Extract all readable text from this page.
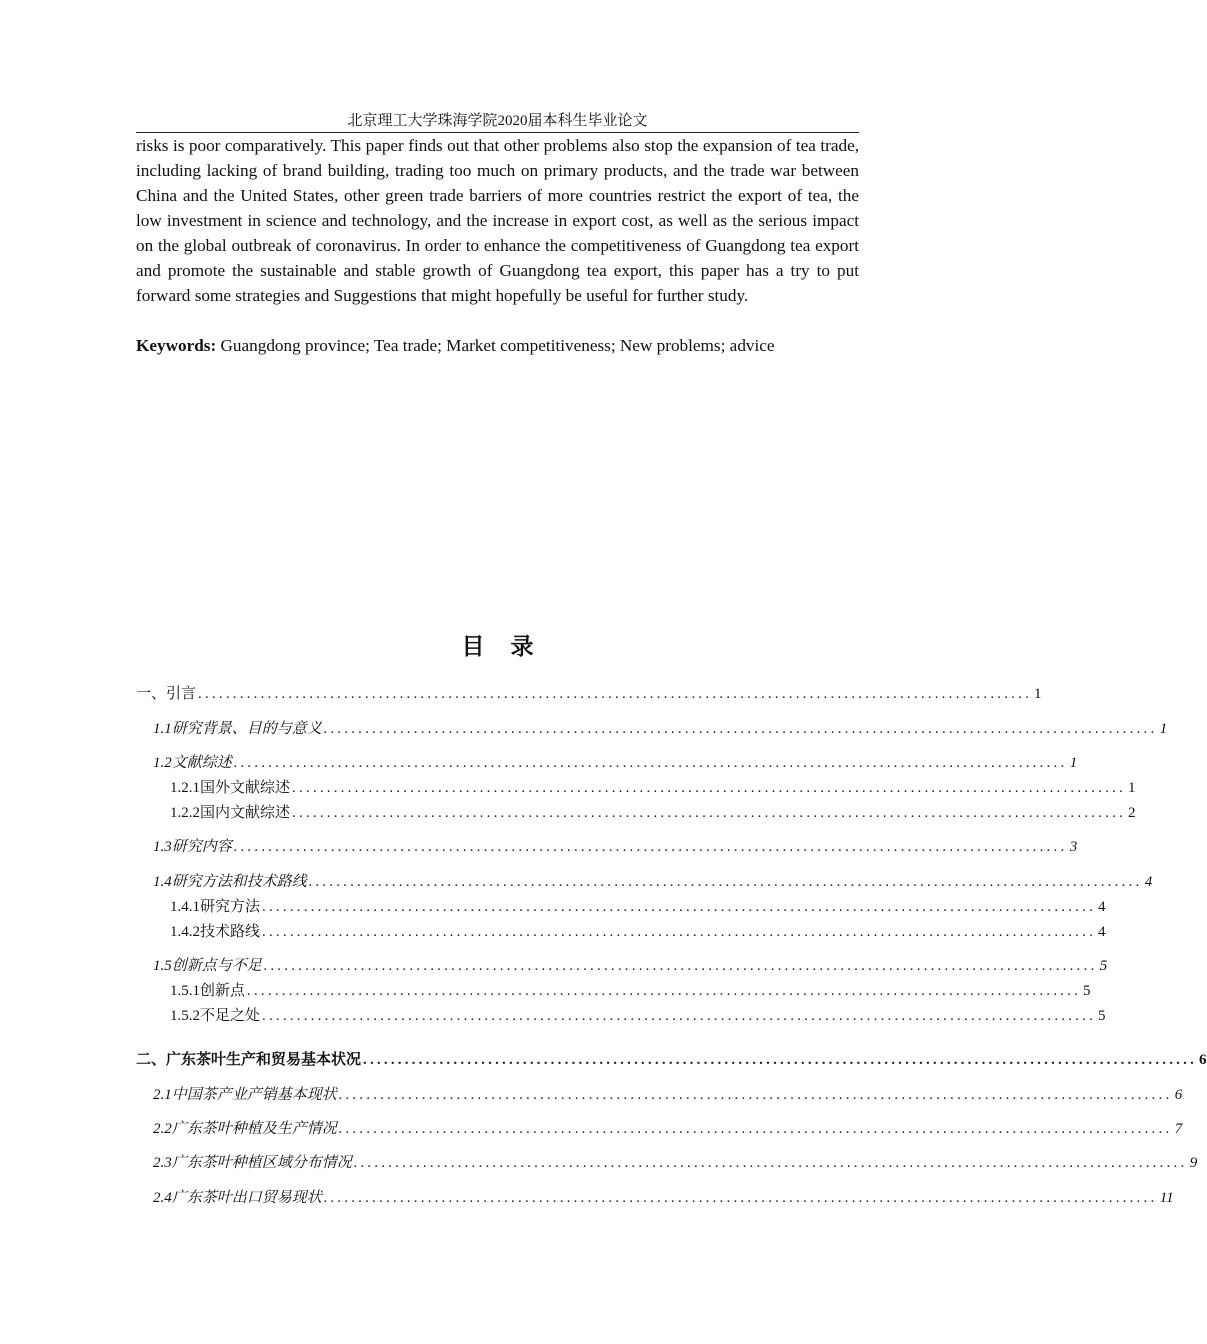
北京理工大学珠海学院2020届本科生毕业论文

risks is poor comparatively. This paper finds out that other problems also stop the expansion of tea trade, including lacking of brand building, trading too much on primary products, and the trade war between China and the United States, other green trade barriers of more countries restrict the export of tea, the low investment in science and technology, and the increase in export cost, as well as the serious impact on the global outbreak of coronavirus. In order to enhance the competitiveness of Guangdong tea export and promote the sustainable and stable growth of Guangdong tea export, this paper has a try to put forward some strategies and Suggestions that might hopefully be useful for further study.

Keywords: Guangdong province; Tea trade; Market competitiveness; New problems; advice
目录
一、引言 ........................................................................................................................ 1
1.1研究背景、目的与意义 ........................................................................................................................ 1
1.2文献综述 ........................................................................................................................ 1
1.2.1国外文献综述 ........................................................................................................................ 1
1.2.2国内文献综述 ........................................................................................................................ 2
1.3研究内容 ........................................................................................................................ 3
1.4研究方法和技术路线 ........................................................................................................................ 4
1.4.1研究方法 ........................................................................................................................ 4
1.4.2技术路线 ........................................................................................................................ 4
1.5创新点与不足 ........................................................................................................................ 5
1.5.1创新点 ........................................................................................................................ 5
1.5.2不足之处 ........................................................................................................................ 5
二、广东茶叶生产和贸易基本状况 ........................................................................................................................ 6
2.1中国茶产业产销基本现状 ........................................................................................................................ 6
2.2广东茶叶种植及生产情况 ........................................................................................................................ 7
2.3广东茶叶种植区域分布情况 ........................................................................................................................ 9
2.4广东茶叶出口贸易现状 ........................................................................................................................ 11
